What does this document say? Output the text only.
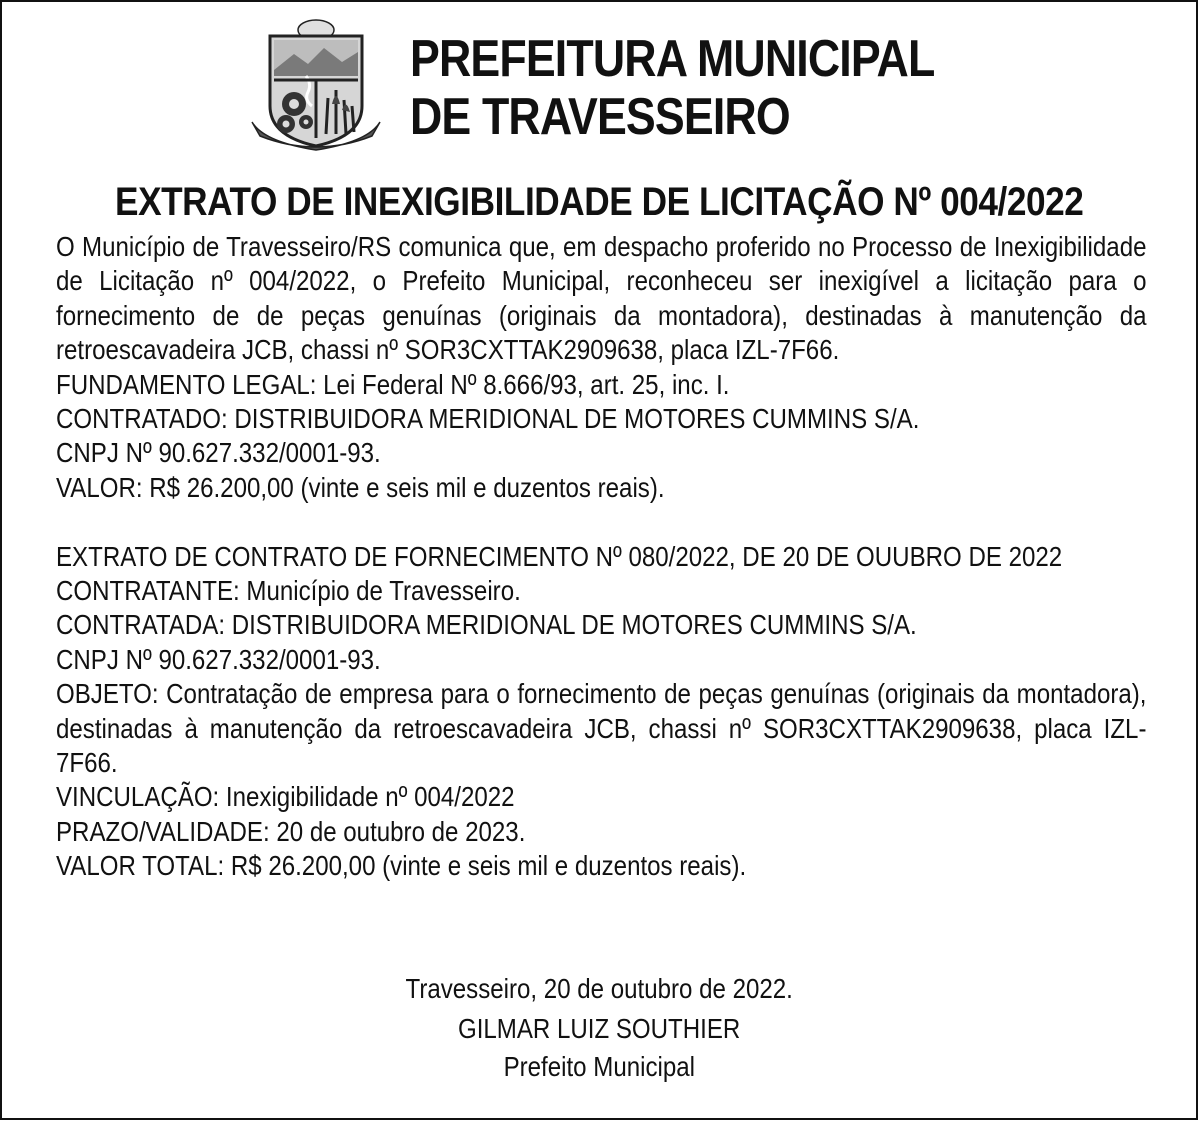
PREFEITURA MUNICIPAL
DE TRAVESSEIRO
EXTRATO DE INEXIGIBILIDADE DE LICITAÇÃO Nº 004/2022
O Município de Travesseiro/RS comunica que, em despacho proferido no Processo de Inexigibilidade de Licitação nº 004/2022, o Prefeito Municipal, reconheceu ser inexigível a licitação para o fornecimento de de peças genuínas (originais da montadora), destinadas à manutenção da retroescavadeira JCB, chassi nº SOR3CXTTAK2909638, placa IZL-7F66.
FUNDAMENTO LEGAL: Lei Federal Nº 8.666/93, art. 25, inc. I.
CONTRATADO: DISTRIBUIDORA MERIDIONAL DE MOTORES CUMMINS S/A.
CNPJ Nº 90.627.332/0001-93.
VALOR: R$ 26.200,00 (vinte e seis mil e duzentos reais).
EXTRATO DE CONTRATO DE FORNECIMENTO Nº 080/2022, DE 20 DE OUUBRO DE 2022
CONTRATANTE: Município de Travesseiro.
CONTRATADA: DISTRIBUIDORA MERIDIONAL DE MOTORES CUMMINS S/A.
CNPJ Nº 90.627.332/0001-93.
OBJETO: Contratação de empresa para o fornecimento de peças genuínas (originais da montadora), destinadas à manutenção da retroescavadeira JCB, chassi nº SOR3CXTTAK2909638, placa IZL-7F66.
VINCULAÇÃO: Inexigibilidade nº 004/2022
PRAZO/VALIDADE: 20 de outubro de 2023.
VALOR TOTAL: R$ 26.200,00 (vinte e seis mil e duzentos reais).
Travesseiro, 20 de outubro de 2022.
GILMAR LUIZ SOUTHIER
Prefeito Municipal
